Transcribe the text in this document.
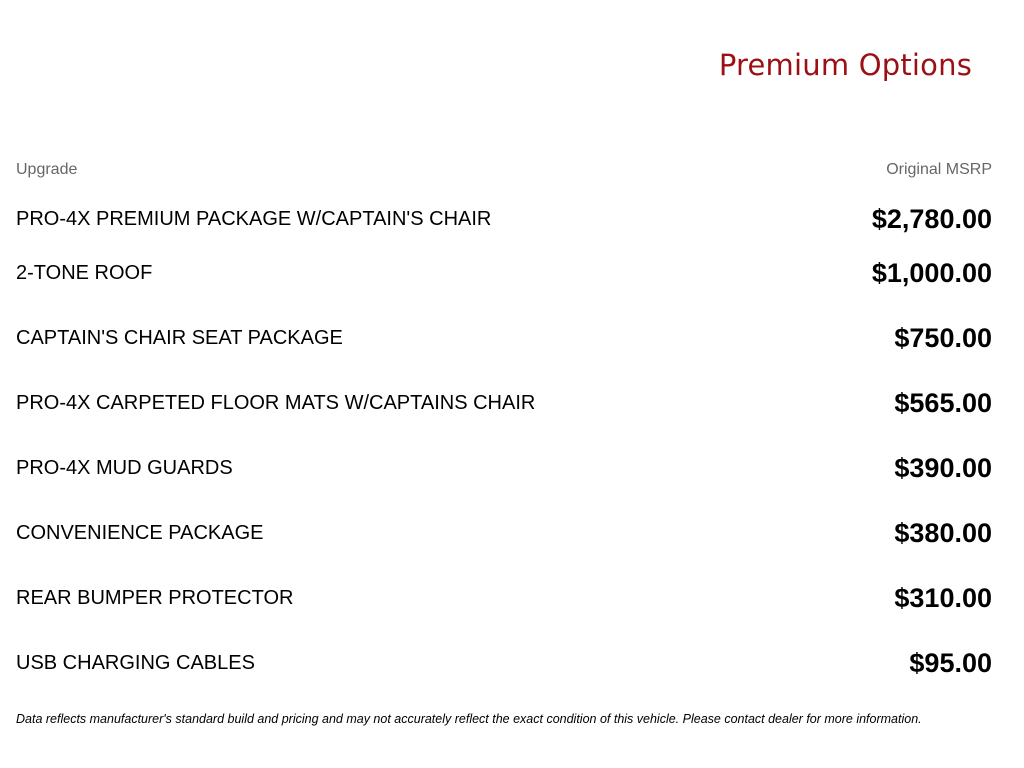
Premium Options
Upgrade	Original MSRP
PRO-4X PREMIUM PACKAGE W/CAPTAIN'S CHAIR	$2,780.00
2-TONE ROOF	$1,000.00
CAPTAIN'S CHAIR SEAT PACKAGE	$750.00
PRO-4X CARPETED FLOOR MATS W/CAPTAINS CHAIR	$565.00
PRO-4X MUD GUARDS	$390.00
CONVENIENCE PACKAGE	$380.00
REAR BUMPER PROTECTOR	$310.00
USB CHARGING CABLES	$95.00
Data reflects manufacturer's standard build and pricing and may not accurately reflect the exact condition of this vehicle. Please contact dealer for more information.
